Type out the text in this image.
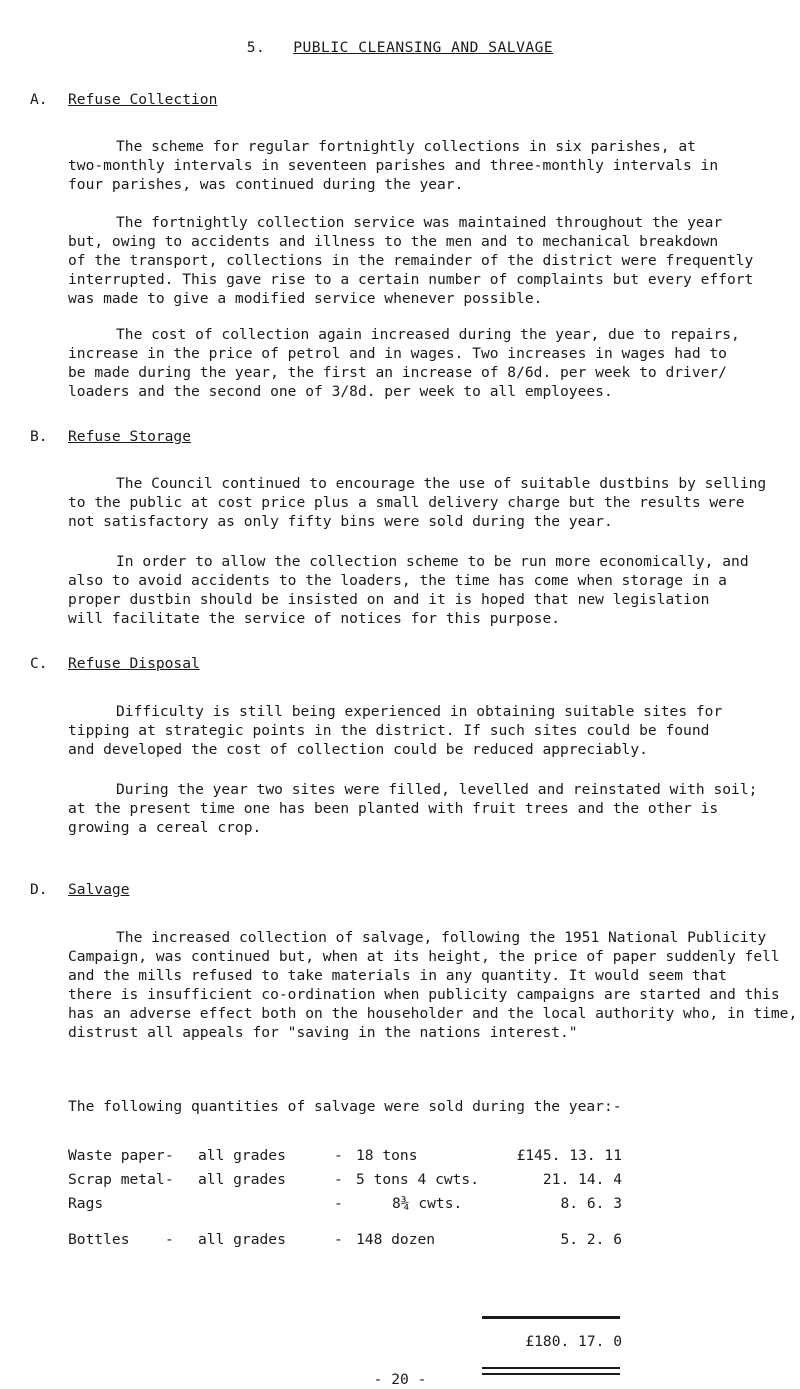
5. PUBLIC CLEANSING AND SALVAGE
A. Refuse Collection
The scheme for regular fortnightly collections in six parishes, at
two-monthly intervals in seventeen parishes and three-monthly intervals in
four parishes, was continued during the year.
The fortnightly collection service was maintained throughout the year
but, owing to accidents and illness to the men and to mechanical breakdown
of the transport, collections in the remainder of the district were frequently
interrupted. This gave rise to a certain number of complaints but every effort
was made to give a modified service whenever possible.
The cost of collection again increased during the year, due to repairs,
increase in the price of petrol and in wages. Two increases in wages had to
be made during the year, the first an increase of 8/6d. per week to driver/
loaders and the second one of 3/8d. per week to all employees.
B. Refuse Storage
The Council continued to encourage the use of suitable dustbins by selling
to the public at cost price plus a small delivery charge but the results were
not satisfactory as only fifty bins were sold during the year.
In order to allow the collection scheme to be run more economically, and
also to avoid accidents to the loaders, the time has come when storage in a
proper dustbin should be insisted on and it is hoped that new legislation
will facilitate the service of notices for this purpose.
C. Refuse Disposal
Difficulty is still being experienced in obtaining suitable sites for
tipping at strategic points in the district. If such sites could be found
and developed the cost of collection could be reduced appreciably.
During the year two sites were filled, levelled and reinstated with soil;
at the present time one has been planted with fruit trees and the other is
growing a cereal crop.
D. Salvage
The increased collection of salvage, following the 1951 National Publicity
Campaign, was continued but, when at its height, the price of paper suddenly fell
and the mills refused to take materials in any quantity. It would seem that
there is insufficient co-ordination when publicity campaigns are started and this
has an adverse effect both on the householder and the local authority who, in time,
distrust all appeals for "saving in the nations interest."
The following quantities of salvage were sold during the year:-
Waste paper - all grades	- 18 tons	£145. 13. 11
Scrap metal - all grades	- 5 tons 4 cwts.	21. 14. 4
Rags	-	8¾ cwts.	8. 6. 3
Bottles - all grades	- 148 dozen	5. 2. 6
£180. 17. 0
- 20 -
